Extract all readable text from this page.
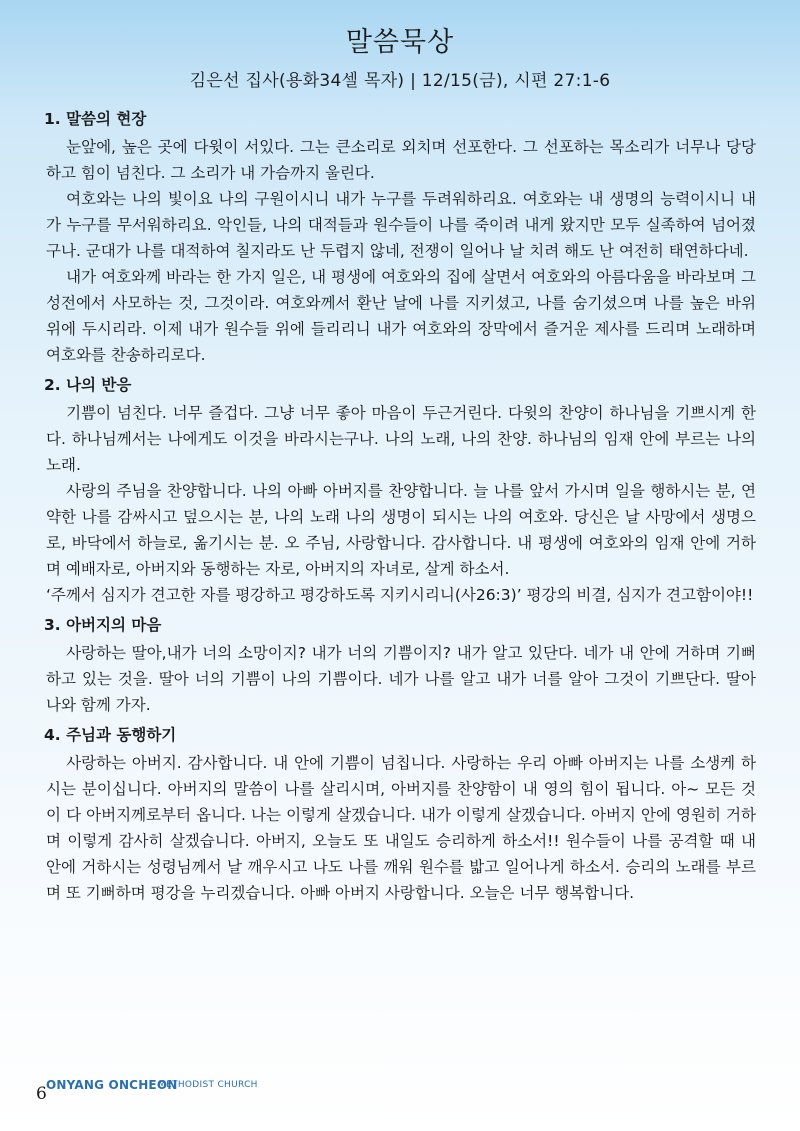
말씀묵상
김은선 집사(용화34셀 목자) | 12/15(금), 시편 27:1-6
1. 말씀의 현장

눈앞에, 높은 곳에 다윗이 서있다. 그는 큰소리로 외치며 선포한다. 그 선포하는 목소리가 너무나 당당하고 힘이 넘친다. 그 소리가 내 가슴까지 울린다.

여호와는 나의 빛이요 나의 구원이시니 내가 누구를 두려워하리요. 여호와는 내 생명의 능력이시니 내가 누구를 무서워하리요. 악인들, 나의 대적들과 원수들이 나를 죽이려 내게 왔지만 모두 실족하여 넘어졌구나. 군대가 나를 대적하여 칠지라도 난 두렵지 않네, 전쟁이 일어나 날 치려 해도 난 여전히 태연하다네.

내가 여호와께 바라는 한 가지 일은, 내 평생에 여호와의 집에 살면서 여호와의 아름다움을 바라보며 그 성전에서 사모하는 것, 그것이라. 여호와께서 환난 날에 나를 지키셨고, 나를 숨기셨으며 나를 높은 바위 위에 두시리라. 이제 내가 원수들 위에 들리리니 내가 여호와의 장막에서 즐거운 제사를 드리며 노래하며 여호와를 찬송하리로다.

2. 나의 반응

기쁨이 넘친다. 너무 즐겁다. 그냥 너무 좋아 마음이 두근거린다. 다윗의 찬양이 하나님을 기쁘시게 한다. 하나님께서는 나에게도 이것을 바라시는구나. 나의 노래, 나의 찬양. 하나님의 임재 안에 부르는 나의 노래.

사랑의 주님을 찬양합니다. 나의 아빠 아버지를 찬양합니다. 늘 나를 앞서 가시며 일을 행하시는 분, 연약한 나를 감싸시고 덮으시는 분, 나의 노래 나의 생명이 되시는 나의 여호와. 당신은 날 사망에서 생명으로, 바닥에서 하늘로, 옮기시는 분. 오 주님, 사랑합니다. 감사합니다. 내 평생에 여호와의 임재 안에 거하며 예배자로, 아버지와 동행하는 자로, 아버지의 자녀로, 살게 하소서.

‘주께서 심지가 견고한 자를 평강하고 평강하도록 지키시리니(사26:3)’ 평강의 비결, 심지가 견고함이야!!

3. 아버지의 마음

사랑하는 딸아,내가 너의 소망이지? 내가 너의 기쁨이지? 내가 알고 있단다. 네가 내 안에 거하며 기뻐하고 있는 것을. 딸아 너의 기쁨이 나의 기쁨이다. 네가 나를 알고 내가 너를 알아 그것이 기쁘단다. 딸아 나와 함께 가자.

4. 주님과 동행하기

사랑하는 아버지. 감사합니다. 내 안에 기쁨이 넘칩니다. 사랑하는 우리 아빠 아버지는 나를 소생케 하시는 분이십니다. 아버지의 말씀이 나를 살리시며, 아버지를 찬양함이 내 영의 힘이 됩니다. 아~ 모든 것이 다 아버지께로부터 옵니다. 나는 이렇게 살겠습니다. 내가 이렇게 살겠습니다. 아버지 안에 영원히 거하며 이렇게 감사히 살겠습니다. 아버지, 오늘도 또 내일도 승리하게 하소서!! 원수들이 나를 공격할 때 내 안에 거하시는 성령님께서 날 깨우시고 나도 나를 깨워 원수를 밟고 일어나게 하소서. 승리의 노래를 부르며 또 기뻐하며 평강을 누리겠습니다. 아빠 아버지 사랑합니다. 오늘은 너무 행복합니다.

6 ONYANG ONCHEON
METHODIST CHURCH
